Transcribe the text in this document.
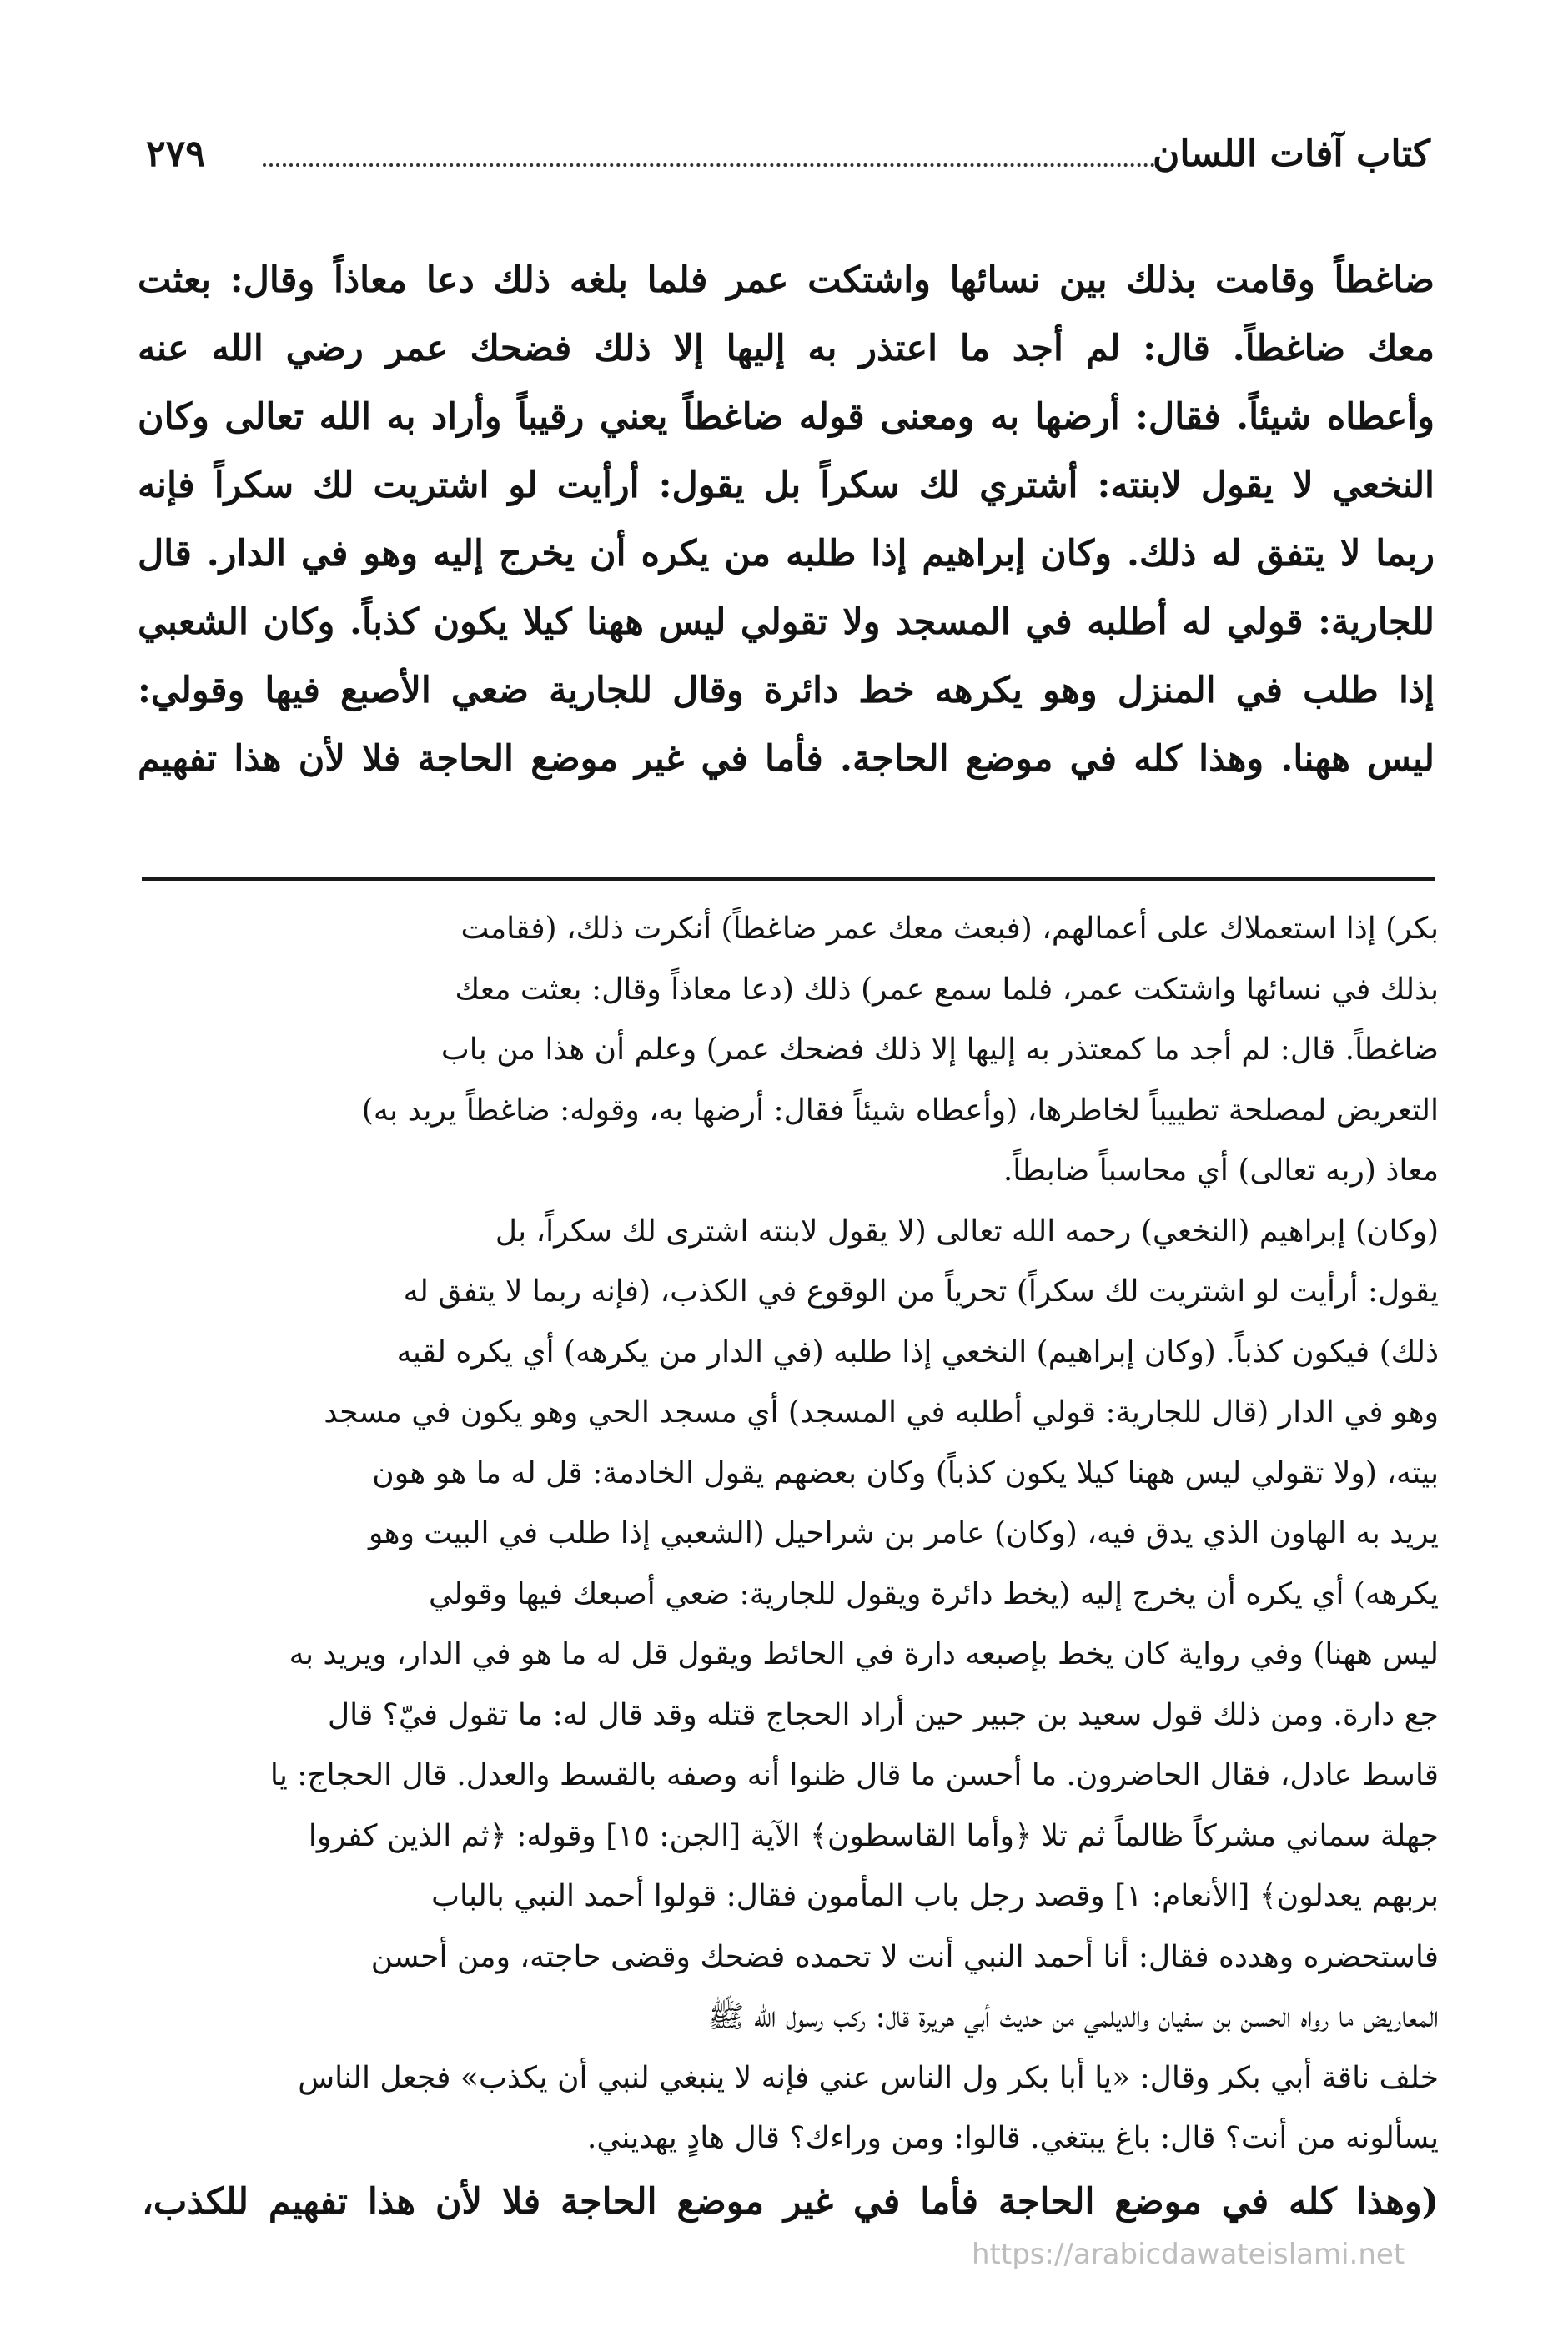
٢٧٩	كتاب آفات اللسان
ضاغطاً وقامت بذلك بين نسائها واشتكت عمر فلما بلغه ذلك دعا معاذاً وقال: بعثت
معك ضاغطاً. قال: لم أجد ما اعتذر به إليها إلا ذلك فضحك عمر رضي الله عنه
وأعطاه شيئاً. فقال: أرضها به ومعنى قوله ضاغطاً يعني رقيباً وأراد به الله تعالى وكان
النخعي لا يقول لابنته: أشتري لك سكراً بل يقول: أرأيت لو اشتريت لك سكراً فإنه
ربما لا يتفق له ذلك. وكان إبراهيم إذا طلبه من يكره أن يخرج إليه وهو في الدار. قال
للجارية: قولي له أطلبه في المسجد ولا تقولي ليس ههنا كيلا يكون كذباً. وكان الشعبي
إذا طلب في المنزل وهو يكرهه خط دائرة وقال للجارية ضعي الأصبع فيها وقولي:
ليس ههنا. وهذا كله في موضع الحاجة. فأما في غير موضع الحاجة فلا لأن هذا تفهيم

بكر) إذا استعملاك على أعمالهم، (فبعث معك عمر ضاغطاً) أنكرت ذلك، (فقامت
بذلك في نسائها واشتكت عمر، فلما سمع عمر) ذلك (دعا معاذاً وقال: بعثت معك
ضاغطاً. قال: لم أجد ما كمعتذر به إليها إلا ذلك فضحك عمر) وعلم أن هذا من باب
التعريض لمصلحة تطييباً لخاطرها، (وأعطاه شيئاً فقال: أرضها به، وقوله: ضاغطاً يريد به)
معاذ (ربه تعالى) أي محاسباً ضابطاً.

(وكان) إبراهيم (النخعي) رحمه الله تعالى (لا يقول لابنته اشترى لك سكراً، بل
يقول: أرأيت لو اشتريت لك سكراً) تحرياً من الوقوع في الكذب، (فإنه ربما لا يتفق له
ذلك) فيكون كذباً. (وكان إبراهيم) النخعي إذا طلبه (في الدار من يكرهه) أي يكره لقيه
وهو في الدار (قال للجارية: قولي أطلبه في المسجد) أي مسجد الحي وهو يكون في مسجد
بيته، (ولا تقولي ليس ههنا كيلا يكون كذباً) وكان بعضهم يقول الخادمة: قل له ما هو هون
يريد به الهاون الذي يدق فيه، (وكان) عامر بن شراحيل (الشعبي إذا طلب في البيت وهو
يكرهه) أي يكره أن يخرج إليه (يخط دائرة ويقول للجارية: ضعي أصبعك فيها وقولي
ليس ههنا) وفي رواية كان يخط بإصبعه دارة في الحائط ويقول قل له ما هو في الدار، ويريد به
جع دارة. ومن ذلك قول سعيد بن جبير حين أراد الحجاج قتله وقد قال له: ما تقول فيّ؟ قال
قاسط عادل، فقال الحاضرون. ما أحسن ما قال ظنوا أنه وصفه بالقسط والعدل. قال الحجاج: يا
جهلة سماني مشركاً ظالماً ثم تلا ﴿وأما القاسطون﴾ الآية [الجن: ١٥] وقوله: ﴿ثم الذين كفروا
بربهم يعدلون﴾ [الأنعام: ١] وقصد رجل باب المأمون فقال: قولوا أحمد النبي بالباب
فاستحضره وهدده فقال: أنا أحمد النبي أنت لا تحمده فضحك وقضى حاجته، ومن أحسن
المعاريض ما رواه الحسن بن سفيان والديلمي من حديث أبي هريرة قال: ركب رسول الله ﷺ
خلف ناقة أبي بكر وقال: «يا أبا بكر ول الناس عني فإنه لا ينبغي لنبي أن يكذب» فجعل الناس
يسألونه من أنت؟ قال: باغ يبتغي. قالوا: ومن وراءك؟ قال هادٍ يهديني.

(وهذا كله في موضع الحاجة فأما في غير موضع الحاجة فلا لأن هذا تفهيم للكذب،
https://arabicdawateislami.net
